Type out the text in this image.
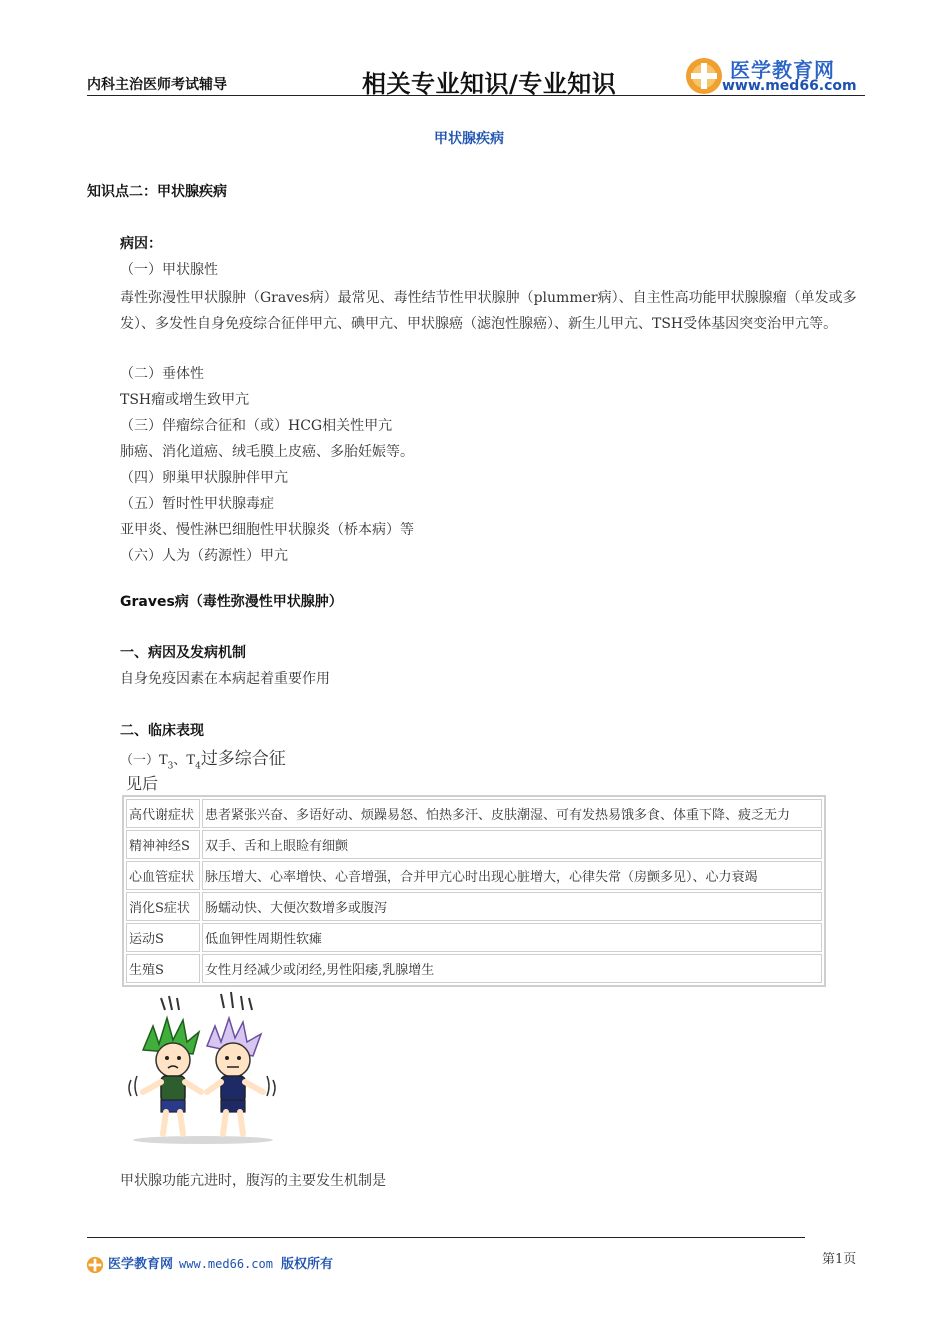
内科主治医师考试辅导	相关专业知识/专业知识	医学教育网
www.med66.com
甲状腺疾病
知识点二：甲状腺疾病
病因：
（一）甲状腺性
毒性弥漫性甲状腺肿（Graves病）最常见、毒性结节性甲状腺肿（plummer病）、自主性高功能甲状腺腺瘤（单发或多发）、多发性自身免疫综合征伴甲亢、碘甲亢、甲状腺癌（滤泡性腺癌）、新生儿甲亢、TSH受体基因突变治甲亢等。
（二）垂体性
TSH瘤或增生致甲亢
（三）伴瘤综合征和（或）HCG相关性甲亢
肺癌、消化道癌、绒毛膜上皮癌、多胎妊娠等。
（四）卵巢甲状腺肿伴甲亢
（五）暂时性甲状腺毒症
亚甲炎、慢性淋巴细胞性甲状腺炎（桥本病）等
（六）人为（药源性）甲亢
Graves病（毒性弥漫性甲状腺肿）
一、病因及发病机制
自身免疫因素在本病起着重要作用
二、临床表现
（一）$T_3$、$T_4$过多综合征
见后
高代谢症状	患者紧张兴奋、多语好动、烦躁易怒、怕热多汗、皮肤潮湿、可有发热易饿多食、体重下降、疲乏无力
精神神经S	双手、舌和上眼睑有细颤
心血管症状	脉压增大、心率增快、心音增强，合并甲亢心时出现心脏增大，心律失常（房颤多见）、心力衰竭
消化S症状	肠蠕动快、大便次数增多或腹泻
运动S	低血钾性周期性软瘫
生殖S	女性月经减少或闭经,男性阳痿,乳腺增生
甲状腺功能亢进时，腹泻的主要发生机制是
医学教育网 www.med66.com 版权所有	第1页
